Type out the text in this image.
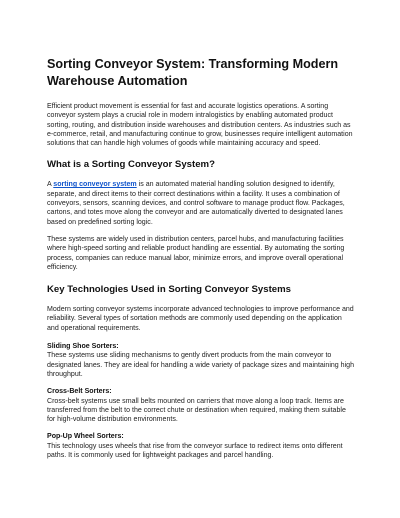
Sorting Conveyor System: Transforming Modern Warehouse Automation

Efficient product movement is essential for fast and accurate logistics operations. A sorting conveyor system plays a crucial role in modern intralogistics by enabling automated product sorting, routing, and distribution inside warehouses and distribution centers. As industries such as e-commerce, retail, and manufacturing continue to grow, businesses require intelligent automation solutions that can handle high volumes of goods while maintaining accuracy and speed.

What is a Sorting Conveyor System?

A sorting conveyor system is an automated material handling solution designed to identify, separate, and direct items to their correct destinations within a facility. It uses a combination of conveyors, sensors, scanning devices, and control software to manage product flow. Packages, cartons, and totes move along the conveyor and are automatically diverted to designated lanes based on predefined sorting logic.

These systems are widely used in distribution centers, parcel hubs, and manufacturing facilities where high-speed sorting and reliable product handling are essential. By automating the sorting process, companies can reduce manual labor, minimize errors, and improve overall operational efficiency.

Key Technologies Used in Sorting Conveyor Systems

Modern sorting conveyor systems incorporate advanced technologies to improve performance and reliability. Several types of sortation methods are commonly used depending on the application and operational requirements.

Sliding Shoe Sorters:

These systems use sliding mechanisms to gently divert products from the main conveyor to designated lanes. They are ideal for handling a wide variety of package sizes and maintaining high throughput.

Cross-Belt Sorters:

Cross-belt systems use small belts mounted on carriers that move along a loop track. Items are transferred from the belt to the correct chute or destination when required, making them suitable for high-volume distribution environments.

Pop-Up Wheel Sorters:

This technology uses wheels that rise from the conveyor surface to redirect items onto different paths. It is commonly used for lightweight packages and parcel handling.
